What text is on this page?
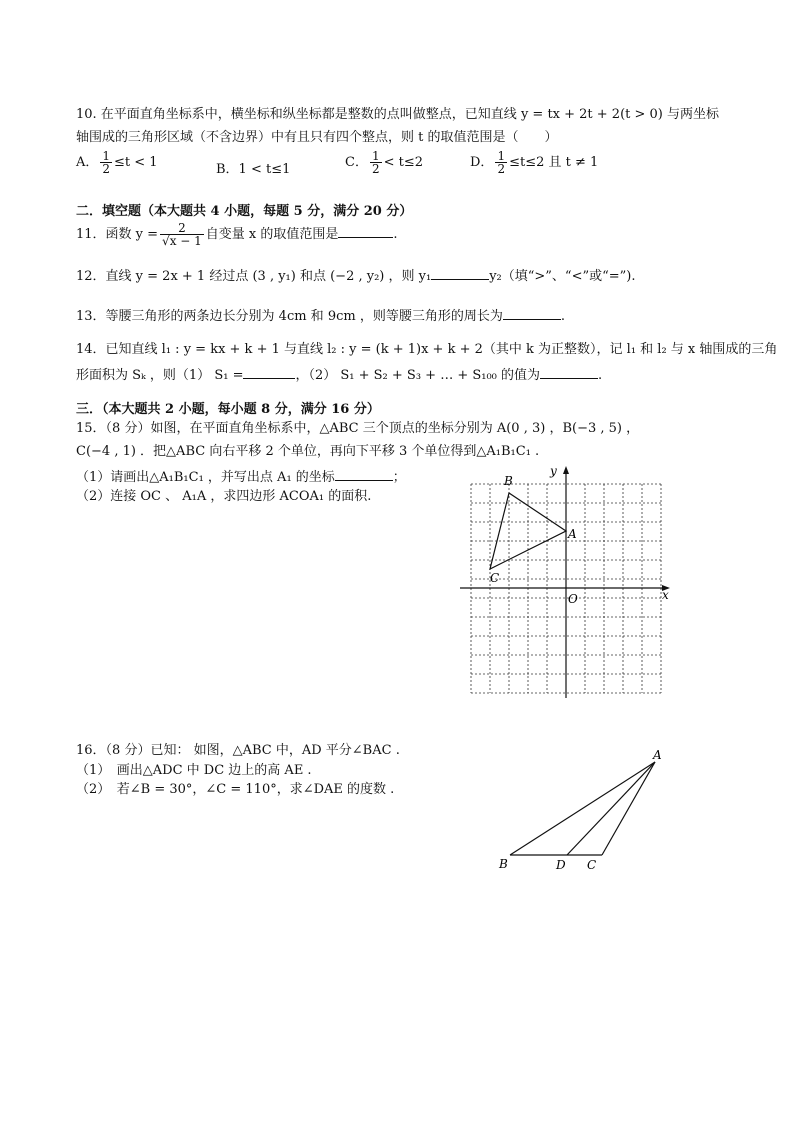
10. 在平面直角坐标系中，横坐标和纵坐标都是整数的点叫做整点，已知直线 y = tx + 2t + 2(t > 0) 与两坐标
轴围成的三角形区域（不含边界）中有且只有四个整点，则 t 的取值范围是（　　）
A． $\frac{1}{2} \le t < 1$	B．1 < t≤1	C． $\frac{1}{2} < t\le 2$	D． $\frac{1}{2} \le t\le 2$ 且 t ≠ 1
二．填空题（本大题共 4 小题，每题 5 分，满分 20 分）
11．函数 $y = \frac{2}{√x - 1}$ 自变量 x 的取值范围是	.
12．直线 y = 2x + 1 经过点 (3 , y₁) 和点 (−2 , y₂) ，则 y₁	y₂（填“>”、“<”或“=”).
13．等腰三角形的两条边长分别为 4cm 和 9cm ，则等腰三角形的周长为	.
14．已知直线 l₁ : y = kx + k + 1 与直线 l₂ : y = (k + 1)x + k + 2（其中 k 为正整数），记 l₁ 和 l₂ 与 x 轴围成的三角
形面积为 Sₖ ，则（1） S₁ =	，（2） S₁ + S₂ + S₃ + … + S₁₀₀ 的值为	.
三．（本大题共 2 小题，每小题 8 分，满分 16 分）
15．（8 分）如图，在平面直角坐标系中，△ABC 三个顶点的坐标分别为 A(0 , 3) ，B(−3 , 5) ，
C(−4 , 1) ．把△ABC 向右平移 2 个单位，再向下平移 3 个单位得到△A₁B₁C₁ .
（1）请画出△A₁B₁C₁ ，并写出点 A₁ 的坐标	；
（2）连接 OC 、 A₁A ，求四边形 ACOA₁ 的面积.
x
y
O
A
B
C
16．（8 分）已知： 如图，△ABC 中，AD 平分∠BAC .
（1）　画出△ADC 中 DC 边上的高 AE .
（2）　若∠B = 30°，∠C = 110°，求∠DAE 的度数 .
A
B	D C
